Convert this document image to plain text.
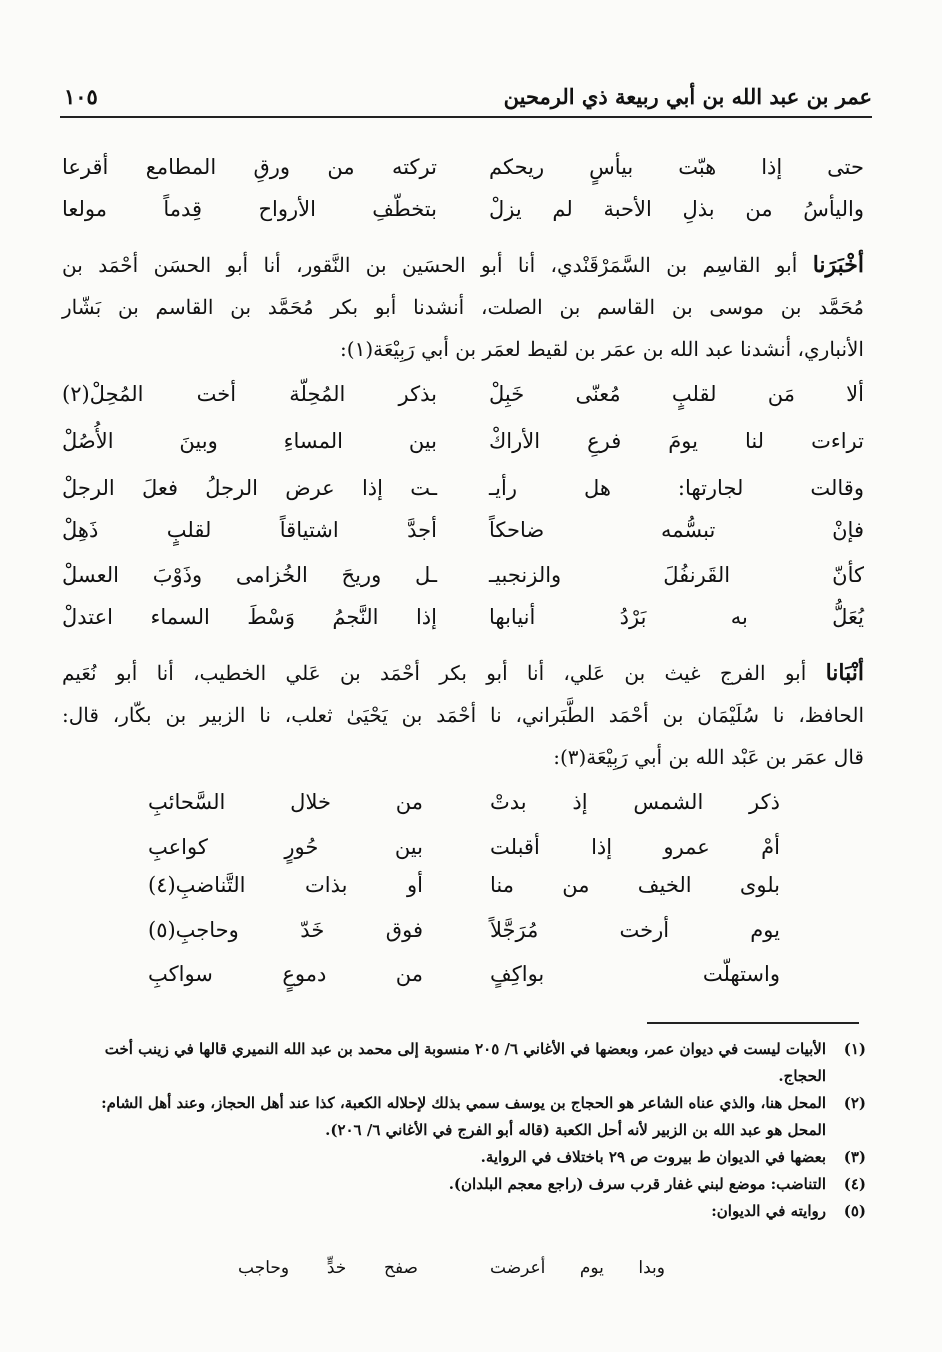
عمر بن عبد الله بن أبي ربيعة ذي الرمحين
١٠٥
حتى إذا هبّت بيأسٍ ريحكم
تركته من ورقِ المطامع أقرعا
واليأسُ من بذلِ الأحبة لم يزلْ
بتخطّفِ الأرواح قِدماً مولعا
أخْبَرَنا أبو القاسِم بن السَّمَرْقَنْدي، أنا أبو الحسَين بن النَّقور، أنا أبو الحسَن أحْمَد بن
مُحَمَّد بن موسى بن القاسم بن الصلت، أنشدنا أبو بكر مُحَمَّد بن القاسم بن بَشّار
الأنباري، أنشدنا عبد الله بن عمَر بن لقيط لعمَر بن أبي رَبِيْعَة(١):
ألا مَن لقلبٍ مُعنّى خَبِلْ
بذكر المُحِلّة أخت المُحِلْ(٢)
تراءت لنا يومَ فرعِ الأراكْ
بين المساءِ وبينَ الأُصُلْ
وقالت لجارتها: هل رأيـ
ـت إذا عرض الرجلُ فعلَ الرجلْ
فإنْ تبسُّمه ضاحكاً
أجدَّ اشتياقاً لقلبٍ ذَهِلْ
كأنّ القَرنفُلَ والزنجبيـ
ـل وريحَ الخُزامى وذَوْبَ العسلْ
يُعَلُّ به بَرْدُ أنيابها
إذا النَّجمُ وَسْطَ السماء اعتدلْ
أنْبَانا أبو الفرج غيث بن عَلي، أنا أبو بكر أحْمَد بن عَلي الخطيب، أنا أبو نُعَيم
الحافظ، نا سُلَيْمَان بن أحْمَد الطَّبَراني، نا أحْمَد بن يَحْيَىٰ ثعلب، نا الزبير بن بكّار، قال:
قال عمَر بن عَبْد الله بن أبي رَبِيْعَة(٣):
ذكر الشمس إذ بدتْ
من خلال السَّحائبِ
أمْ عمرو إذا أقبلت
بين حُورٍ كواعبِ
بلوى الخيف من منا
أو بذات التَّناضبِ(٤)
يوم أرخت مُرَجَّلاً
فوق خَدّ وحاجبِ(٥)
واستهلّت بواكِفٍ
من دموعٍ سواكبِ
(١)
الأبيات ليست في ديوان عمر، وبعضها في الأغاني ٦/ ٢٠٥ منسوبة إلى محمد بن عبد الله النميري قالها في زينب أخت الحجاج.
(٢)
المحل هنا، والذي عناه الشاعر هو الحجاج بن يوسف سمي بذلك لإحلاله الكعبة، كذا عند أهل الحجاز، وعند أهل الشام: المحل هو عبد الله بن الزبير لأنه أحل الكعبة (قاله أبو الفرج في الأغاني ٦/ ٢٠٦).
(٣)
بعضها في الديوان ط بيروت ص ٢٩ باختلاف في الرواية.
(٤)
التناضب: موضع لبني غفار قرب سرف (راجع معجم البلدان).
(٥)
روايته في الديوان:
وبدا يوم أعرضت
صفح خدٍّ وحاجب
